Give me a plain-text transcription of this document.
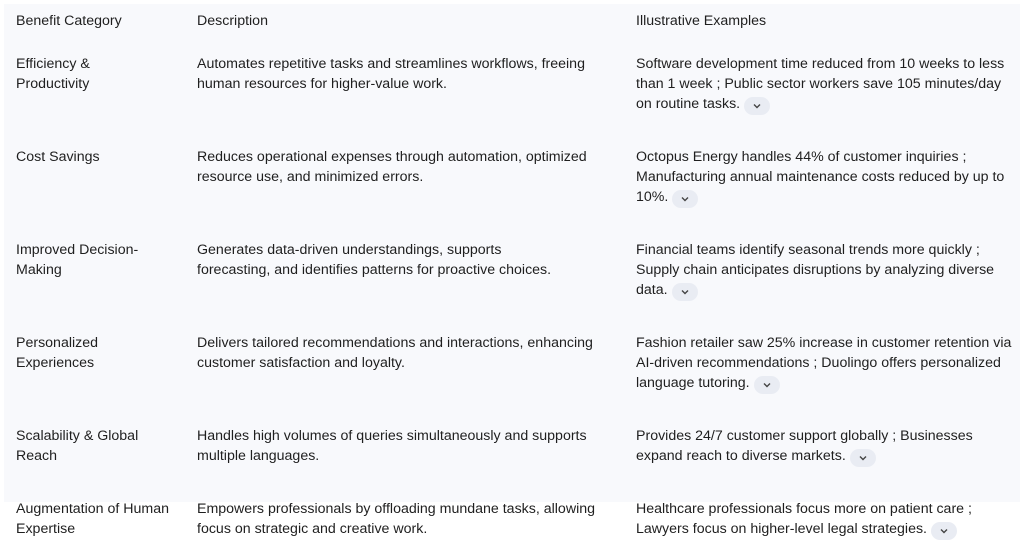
Benefit Category	Description	Illustrative Examples
Efficiency & Productivity	Automates repetitive tasks and streamlines workflows, freeing human resources for higher-value work.	Software development time reduced from 10 weeks to less than 1 week ; Public sector workers save 105 minutes/day on routine tasks.

Cost Savings	Reduces operational expenses through automation, optimized resource use, and minimized errors.	Octopus Energy handles 44% of customer inquiries ; Manufacturing annual maintenance costs reduced by up to 10%.

Improved Decision-Making	Generates data-driven understandings, supports forecasting, and identifies patterns for proactive choices.	Financial teams identify seasonal trends more quickly ; Supply chain anticipates disruptions by analyzing diverse data.

Personalized Experiences	Delivers tailored recommendations and interactions, enhancing customer satisfaction and loyalty.	Fashion retailer saw 25% increase in customer retention via AI-driven recommendations ; Duolingo offers personalized language tutoring.

Scalability & Global Reach	Handles high volumes of queries simultaneously and supports multiple languages.	Provides 24/7 customer support globally ; Businesses expand reach to diverse markets.

Augmentation of Human Expertise	Empowers professionals by offloading mundane tasks, allowing focus on strategic and creative work.	Healthcare professionals focus more on patient care ; Lawyers focus on higher-level legal strategies.
